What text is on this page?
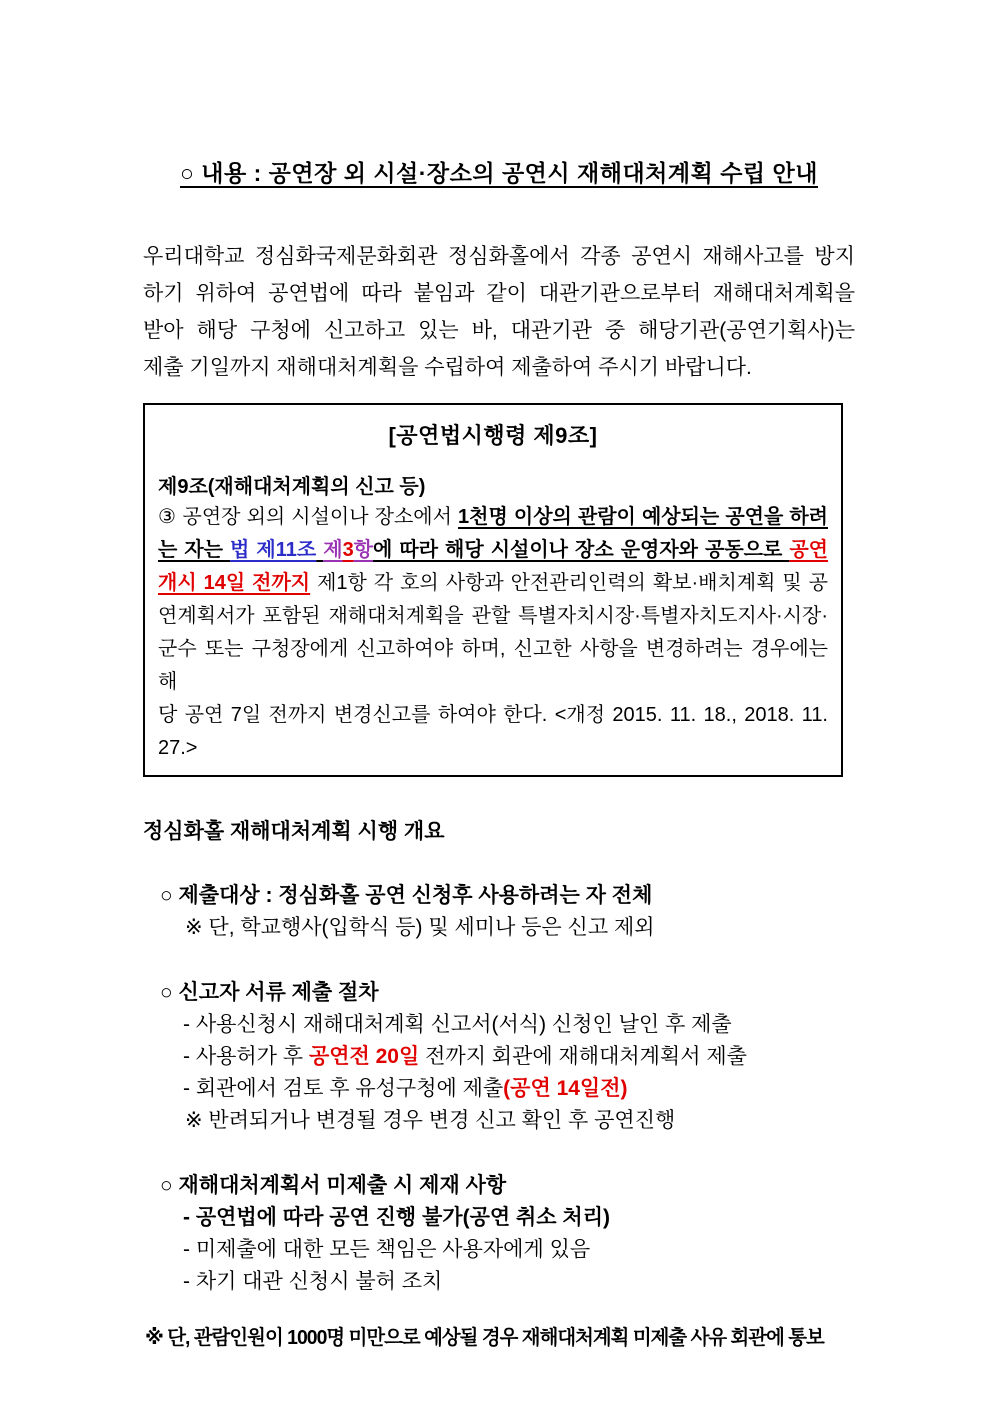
○ 내용 : 공연장 외 시설·장소의 공연시 재해대처계획 수립 안내
우리대학교 정심화국제문화회관 정심화홀에서 각종 공연시 재해사고를 방지
하기 위하여 공연법에 따라 붙임과 같이 대관기관으로부터 재해대처계획을
받아 해당 구청에 신고하고 있는 바, 대관기관 중 해당기관(공연기획사)는
제출 기일까지 재해대처계획을 수립하여 제출하여 주시기 바랍니다.
[공연법시행령 제9조]
제9조(재해대처계획의 신고 등)
③ 공연장 외의 시설이나 장소에서 1천명 이상의 관람이 예상되는 공연을 하려
는 자는 법 제11조 제3항에 따라 해당 시설이나 장소 운영자와 공동으로 공연
개시 14일 전까지 제1항 각 호의 사항과 안전관리인력의 확보·배치계획 및 공
연계획서가 포함된 재해대처계획을 관할 특별자치시장·특별자치도지사·시장·
군수 또는 구청장에게 신고하여야 하며, 신고한 사항을 변경하려는 경우에는 해
당 공연 7일 전까지 변경신고를 하여야 한다. <개정 2015. 11. 18., 2018. 11. 27.>
정심화홀 재해대처계획 시행 개요
○ 제출대상 : 정심화홀 공연 신청후 사용하려는 자 전체
※ 단, 학교행사(입학식 등) 및 세미나 등은 신고 제외
○ 신고자 서류 제출 절차
- 사용신청시 재해대처계획 신고서(서식) 신청인 날인 후 제출
- 사용허가 후 공연전 20일 전까지 회관에 재해대처계획서 제출
- 회관에서 검토 후 유성구청에 제출(공연 14일전)
※ 반려되거나 변경될 경우 변경 신고 확인 후 공연진행
○ 재해대처계획서 미제출 시 제재 사항
- 공연법에 따라 공연 진행 불가(공연 취소 처리)
- 미제출에 대한 모든 책임은 사용자에게 있음
- 차기 대관 신청시 불허 조치
※ 단, 관람인원이 1000명 미만으로 예상될 경우 재해대처계획 미제출 사유 회관에 통보
